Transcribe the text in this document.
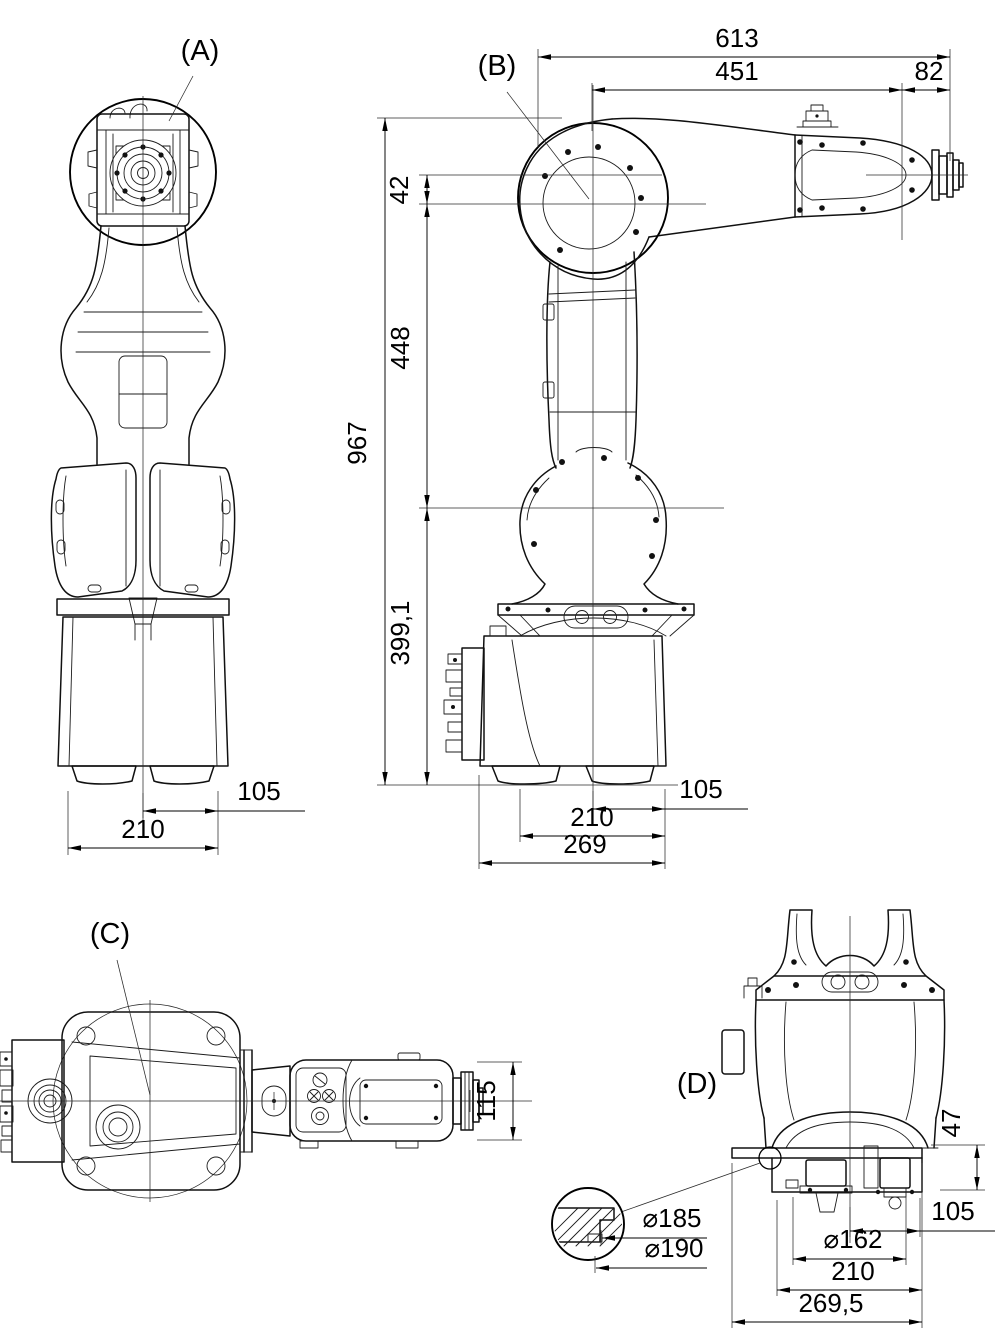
(A)	(B)
(C)
(D)
613
451	82
42
448
967
399,1
105
210
269
105
210
115
47
105
⌀162
210
269,5
⌀185
⌀190
